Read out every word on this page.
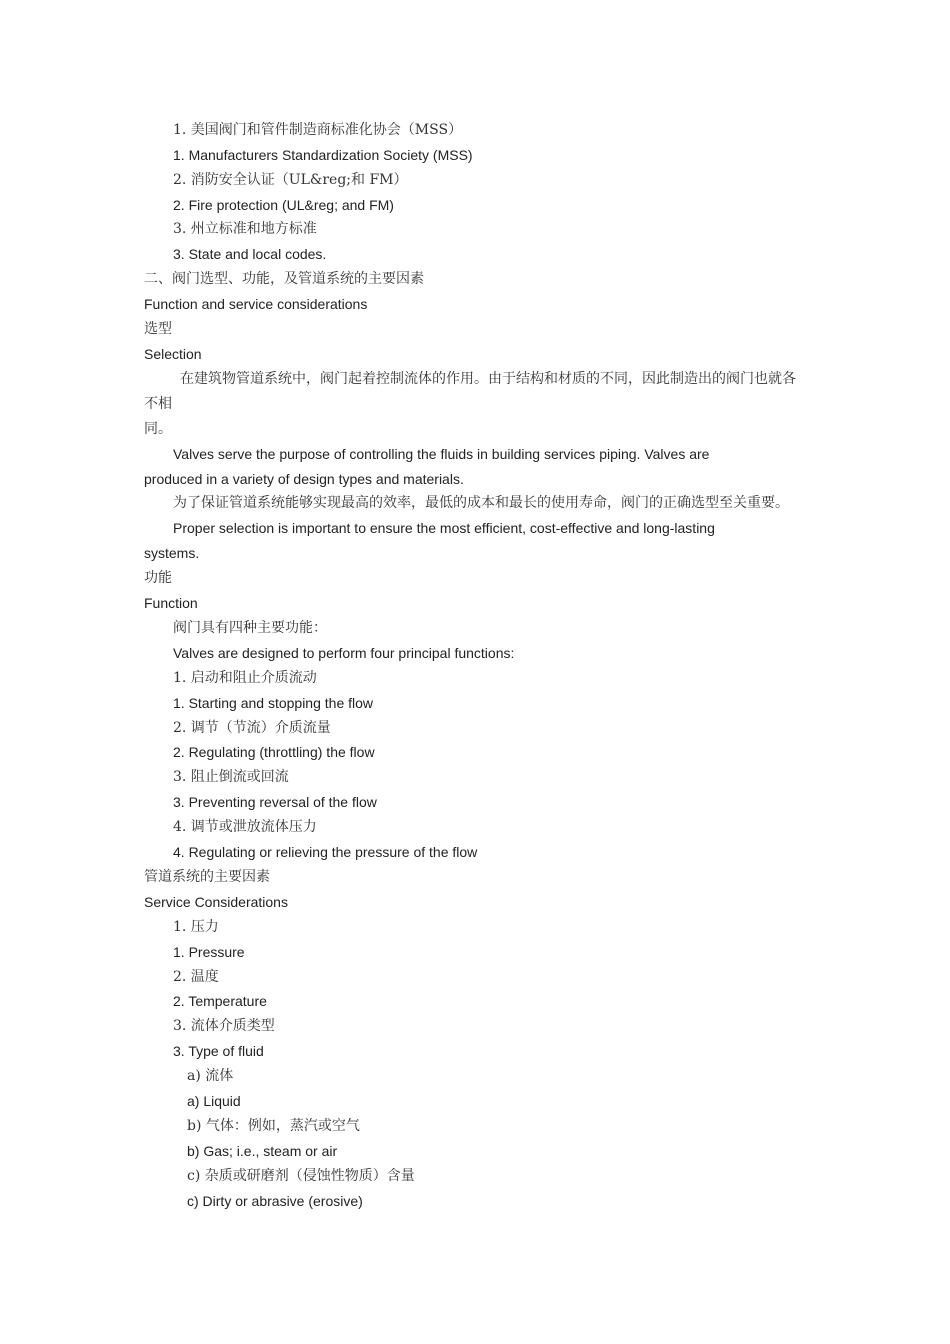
1. 美国阀门和管件制造商标准化协会（MSS）
1. Manufacturers Standardization Society (MSS)
2. 消防安全认证（UL&reg;和 FM）
2. Fire protection (UL&reg; and FM)
3. 州立标准和地方标准
3. State and local codes.
二、阀门选型、功能，及管道系统的主要因素
Function and service considerations
选型
Selection
在建筑物管道系统中，阀门起着控制流体的作用。由于结构和材质的不同，因此制造出的阀门也就各
不相
同。
Valves serve the purpose of controlling the fluids in building services piping. Valves are
produced in a variety of design types and materials.
为了保证管道系统能够实现最高的效率，最低的成本和最长的使用寿命，阀门的正确选型至关重要。
Proper selection is important to ensure the most efficient, cost-effective and long-lasting
systems.
功能
Function
阀门具有四种主要功能：
Valves are designed to perform four principal functions:
1. 启动和阻止介质流动
1. Starting and stopping the flow
2. 调节（节流）介质流量
2. Regulating (throttling) the flow
3. 阻止倒流或回流
3. Preventing reversal of the flow
4. 调节或泄放流体压力
4. Regulating or relieving the pressure of the flow
管道系统的主要因素
Service Considerations
1. 压力
1. Pressure
2. 温度
2. Temperature
3. 流体介质类型
3. Type of fluid
a) 流体
a) Liquid
b) 气体：例如，蒸汽或空气
b) Gas; i.e., steam or air
c) 杂质或研磨剂（侵蚀性物质）含量
c) Dirty or abrasive (erosive)
